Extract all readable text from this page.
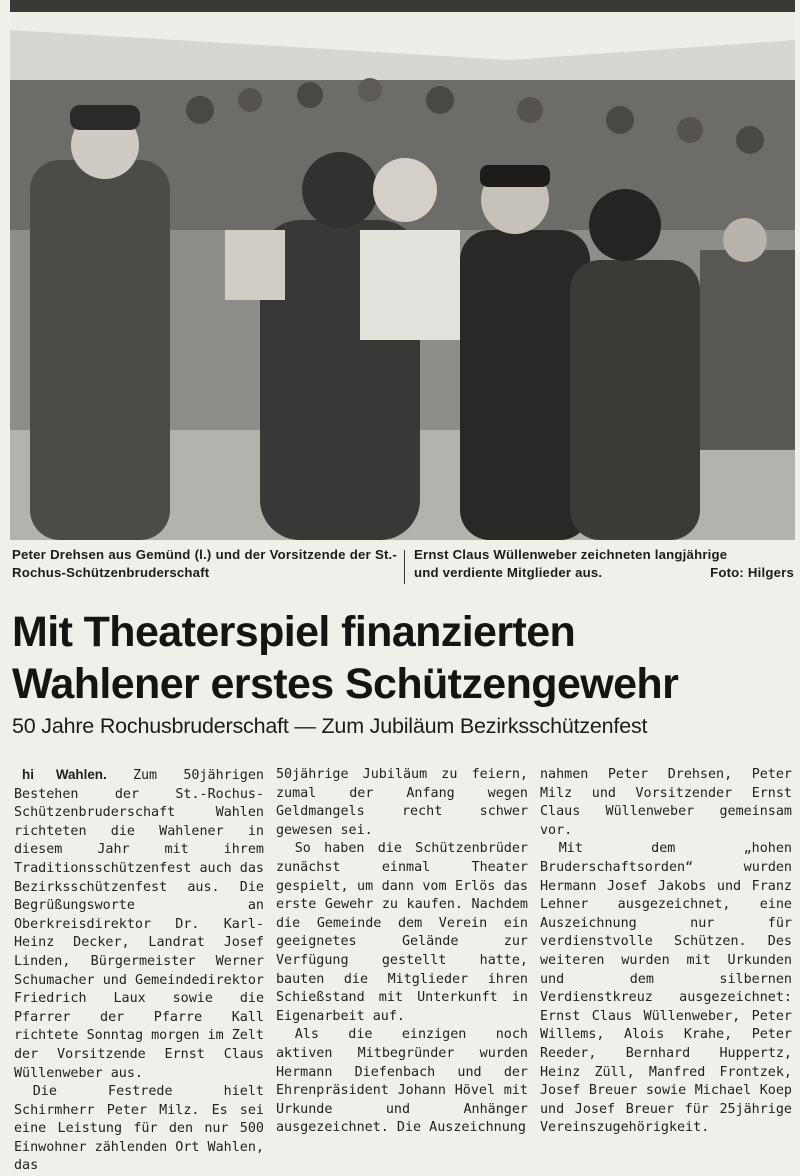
Peter Drehsen aus Gemünd (l.) und der Vorsitzende der St.-Rochus-Schützenbruderschaft
Ernst Claus Wüllenweber zeichneten langjährige
und verdiente Mitglieder aus.	Foto: Hilgers
Mit Theaterspiel finanzierten
Wahlener erstes Schützengewehr
50 Jahre Rochusbruderschaft — Zum Jubiläum Bezirksschützenfest

hi Wahlen. Zum 50jährigen Bestehen der St.-Rochus-Schützenbruderschaft Wahlen richteten die Wahlener in diesem Jahr mit ihrem Traditionsschützenfest auch das Bezirksschützenfest aus. Die Begrüßungsworte an Oberkreisdirektor Dr. Karl-Heinz Decker, Landrat Josef Linden, Bürgermeister Werner Schumacher und Gemeindedirektor Friedrich Laux sowie die Pfarrer der Pfarre Kall richtete Sonntag morgen im Zelt der Vorsitzende Ernst Claus Wüllenweber aus.

Die Festrede hielt Schirmherr Peter Milz. Es sei eine Leistung für den nur 500 Einwohner zählenden Ort Wahlen, das

50jährige Jubiläum zu feiern, zumal der Anfang wegen Geldmangels recht schwer gewesen sei.

So haben die Schützenbrüder zunächst einmal Theater gespielt, um dann vom Erlös das erste Gewehr zu kaufen. Nachdem die Gemeinde dem Verein ein geeignetes Gelände zur Verfügung gestellt hatte, bauten die Mitglieder ihren Schießstand mit Unterkunft in Eigenarbeit auf.

Als die einzigen noch aktiven Mitbegründer wurden Hermann Diefenbach und der Ehrenpräsident Johann Hövel mit Urkunde und Anhänger ausgezeichnet. Die Auszeichnung

nahmen Peter Drehsen, Peter Milz und Vorsitzender Ernst Claus Wüllenweber gemeinsam vor.

Mit dem „hohen Bruderschaftsorden“ wurden Hermann Josef Jakobs und Franz Lehner ausgezeichnet, eine Auszeichnung nur für verdienstvolle Schützen. Des weiteren wurden mit Urkunden und dem silbernen Verdienstkreuz ausgezeichnet: Ernst Claus Wüllenweber, Peter Willems, Alois Krahe, Peter Reeder, Bernhard Huppertz, Heinz Züll, Manfred Frontzek, Josef Breuer sowie Michael Koep und Josef Breuer für 25jährige Vereinszugehörigkeit.
